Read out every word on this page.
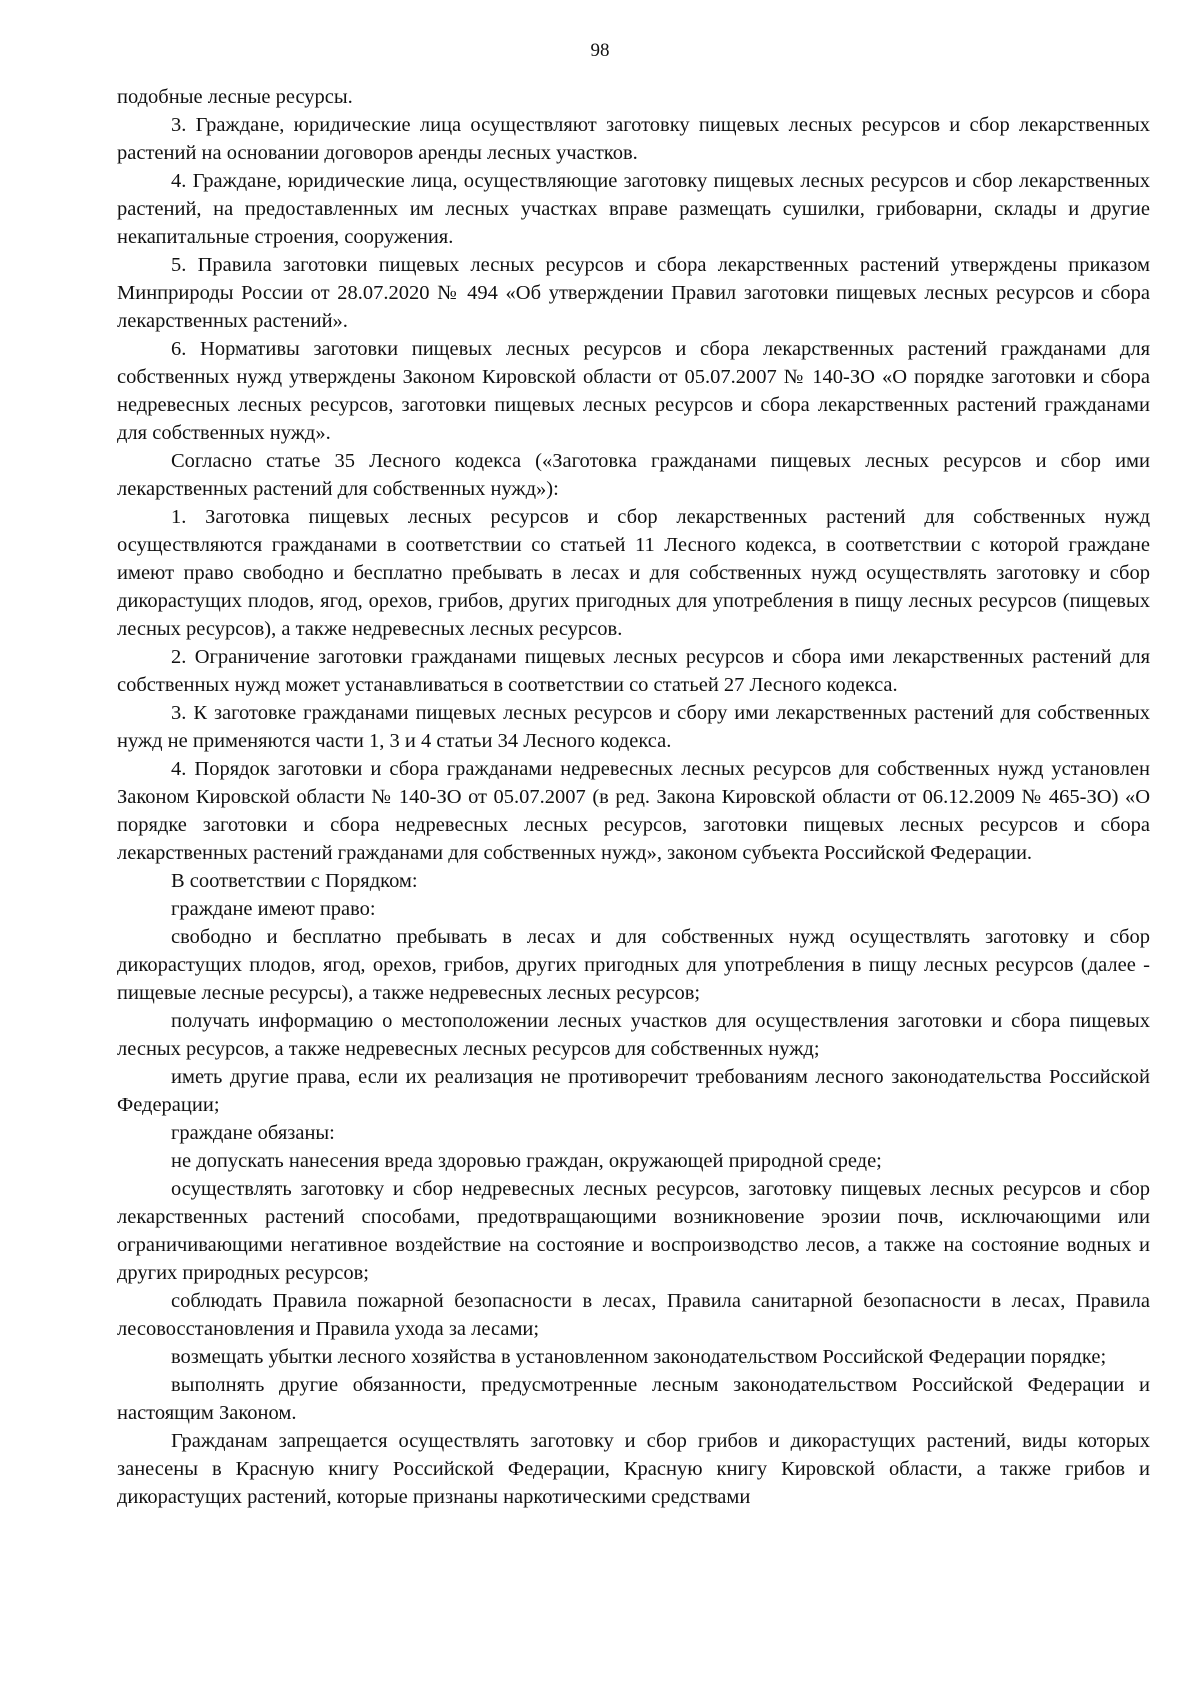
98

подобные лесные ресурсы.

3. Граждане, юридические лица осуществляют заготовку пищевых лесных ресурсов и сбор лекарственных растений на основании договоров аренды лесных участков.

4. Граждане, юридические лица, осуществляющие заготовку пищевых лесных ресурсов и сбор лекарственных растений, на предоставленных им лесных участках вправе размещать сушилки, грибоварни, склады и другие некапитальные строения, сооружения.

5. Правила заготовки пищевых лесных ресурсов и сбора лекарственных растений утверждены приказом Минприроды России от 28.07.2020 № 494 «Об утверждении Правил заготовки пищевых лесных ресурсов и сбора лекарственных растений».

6. Нормативы заготовки пищевых лесных ресурсов и сбора лекарственных растений гражданами для собственных нужд утверждены Законом Кировской области от 05.07.2007 № 140-ЗО «О порядке заготовки и сбора недревесных лесных ресурсов, заготовки пищевых лесных ресурсов и сбора лекарственных растений гражданами для собственных нужд».

Согласно статье 35 Лесного кодекса («Заготовка гражданами пищевых лесных ресурсов и сбор ими лекарственных растений для собственных нужд»):

1. Заготовка пищевых лесных ресурсов и сбор лекарственных растений для собственных нужд осуществляются гражданами в соответствии со статьей 11 Лесного кодекса, в соответствии с которой граждане имеют право свободно и бесплатно пребывать в лесах и для собственных нужд осуществлять заготовку и сбор дикорастущих плодов, ягод, орехов, грибов, других пригодных для употребления в пищу лесных ресурсов (пищевых лесных ресурсов), а также недревесных лесных ресурсов.

2. Ограничение заготовки гражданами пищевых лесных ресурсов и сбора ими лекарственных растений для собственных нужд может устанавливаться в соответствии со статьей 27 Лесного кодекса.

3. К заготовке гражданами пищевых лесных ресурсов и сбору ими лекарственных растений для собственных нужд не применяются части 1, 3 и 4 статьи 34 Лесного кодекса.

4. Порядок заготовки и сбора гражданами недревесных лесных ресурсов для собственных нужд установлен Законом Кировской области № 140-ЗО от 05.07.2007 (в ред. Закона Кировской области от 06.12.2009 № 465-ЗО) «О порядке заготовки и сбора недревесных лесных ресурсов, заготовки пищевых лесных ресурсов и сбора лекарственных растений гражданами для собственных нужд», законом субъекта Российской Федерации.

В соответствии с Порядком:

граждане имеют право:

свободно и бесплатно пребывать в лесах и для собственных нужд осуществлять заготовку и сбор дикорастущих плодов, ягод, орехов, грибов, других пригодных для употребления в пищу лесных ресурсов (далее - пищевые лесные ресурсы), а также недревесных лесных ресурсов;

получать информацию о местоположении лесных участков для осуществления заготовки и сбора пищевых лесных ресурсов, а также недревесных лесных ресурсов для собственных нужд;

иметь другие права, если их реализация не противоречит требованиям лесного законодательства Российской Федерации;

граждане обязаны:

не допускать нанесения вреда здоровью граждан, окружающей природной среде;

осуществлять заготовку и сбор недревесных лесных ресурсов, заготовку пищевых лесных ресурсов и сбор лекарственных растений способами, предотвращающими возникновение эрозии почв, исключающими или ограничивающими негативное воздействие на состояние и воспроизводство лесов, а также на состояние водных и других природных ресурсов;

соблюдать Правила пожарной безопасности в лесах, Правила санитарной безопасности в лесах, Правила лесовосстановления и Правила ухода за лесами;

возмещать убытки лесного хозяйства в установленном законодательством Российской Федерации порядке;

выполнять другие обязанности, предусмотренные лесным законодательством Российской Федерации и настоящим Законом.

Гражданам запрещается осуществлять заготовку и сбор грибов и дикорастущих растений, виды которых занесены в Красную книгу Российской Федерации, Красную книгу Кировской области, а также грибов и дикорастущих растений, которые признаны наркотическими средствами
